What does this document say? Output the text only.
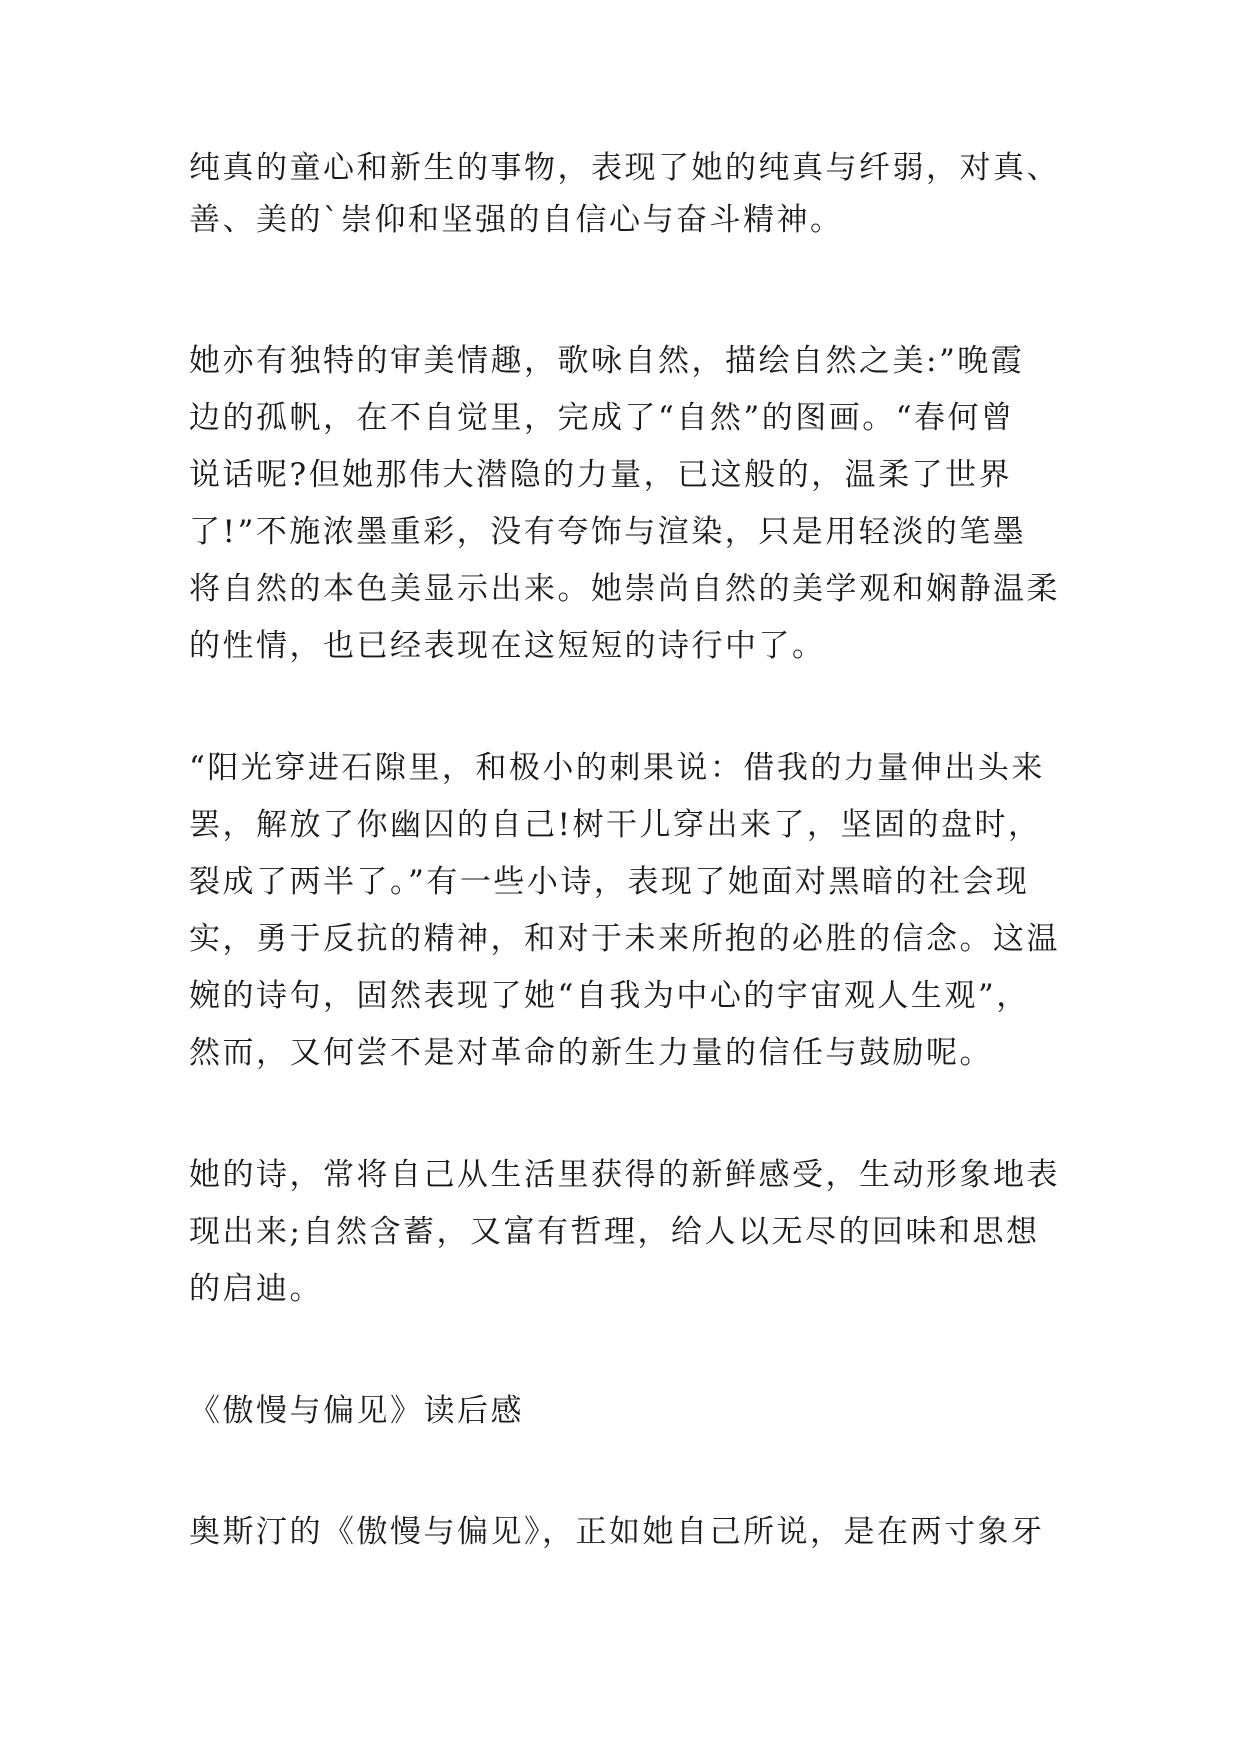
纯真的童心和新生的事物，表现了她的纯真与纤弱，对真、
善、美的`崇仰和坚强的自信心与奋斗精神。
她亦有独特的审美情趣，歌咏自然，描绘自然之美:”晚霞
边的孤帆，在不自觉里，完成了“自然”的图画。“春何曾
说话呢?但她那伟大潜隐的力量，已这般的，温柔了世界
了!”不施浓墨重彩，没有夸饰与渲染，只是用轻淡的笔墨
将自然的本色美显示出来。她崇尚自然的美学观和娴静温柔
的性情，也已经表现在这短短的诗行中了。
“阳光穿进石隙里，和极小的刺果说：借我的力量伸出头来
罢，解放了你幽囚的自己!树干儿穿出来了，坚固的盘时，
裂成了两半了。”有一些小诗，表现了她面对黑暗的社会现
实，勇于反抗的精神，和对于未来所抱的必胜的信念。这温
婉的诗句，固然表现了她“自我为中心的宇宙观人生观”，
然而，又何尝不是对革命的新生力量的信任与鼓励呢。
她的诗，常将自己从生活里获得的新鲜感受，生动形象地表
现出来;自然含蓄，又富有哲理，给人以无尽的回味和思想
的启迪。
《傲慢与偏见》读后感
奥斯汀的《傲慢与偏见》，正如她自己所说，是在两寸象牙
